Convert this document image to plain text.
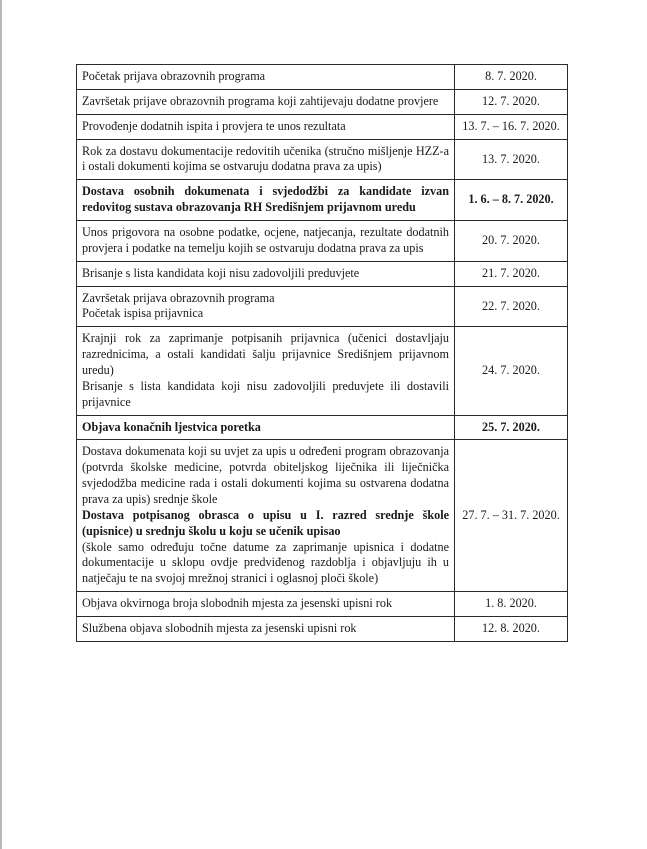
Početak prijava obrazovnih programa	8. 7. 2020.

Završetak prijave obrazovnih programa koji zahtijevaju dodatne provjere	12. 7. 2020.

Provođenje dodatnih ispita i provjera te unos rezultata	13. 7. – 16. 7. 2020.

Rok za dostavu dokumentacije redovitih učenika (stručno mišljenje HZZ-a i ostali dokumenti kojima se ostvaruju dodatna prava za upis)	13. 7. 2020.

Dostava osobnih dokumenata i svjedodžbi za kandidate izvan redovitog sustava obrazovanja RH Središnjem prijavnom uredu	1. 6. – 8. 7. 2020.

Unos prigovora na osobne podatke, ocjene, natjecanja, rezultate dodatnih provjera i podatke na temelju kojih se ostvaruju dodatna prava za upis	20. 7. 2020.

Brisanje s lista kandidata koji nisu zadovoljili preduvjete	21. 7. 2020.

Završetak prijava obrazovnih programa
Početak ispisa prijavnica	22. 7. 2020.

Krajnji rok za zaprimanje potpisanih prijavnica (učenici dostavljaju razrednicima, a ostali kandidati šalju prijavnice Središnjem prijavnom uredu)
Brisanje s lista kandidata koji nisu zadovoljili preduvjete ili dostavili prijavnice	24. 7. 2020.

Objava konačnih ljestvica poretka	25. 7. 2020.

Dostava dokumenata koji su uvjet za upis u određeni program obrazovanja (potvrda školske medicine, potvrda obiteljskog liječnika ili liječnička svjedodžba medicine rada i ostali dokumenti kojima su ostvarena dodatna prava za upis) srednje škole
Dostava potpisanog obrasca o upisu u I. razred srednje škole (upisnice) u srednju školu u koju se učenik upisao
(škole samo određuju točne datume za zaprimanje upisnica i dodatne dokumentacije u sklopu ovdje predviđenog razdoblja i objavljuju ih u natječaju te na svojoj mrežnoj stranici i oglasnoj ploči škole)	27. 7. – 31. 7. 2020.

Objava okvirnoga broja slobodnih mjesta za jesenski upisni rok	1. 8. 2020.

Službena objava slobodnih mjesta za jesenski upisni rok	12. 8. 2020.
